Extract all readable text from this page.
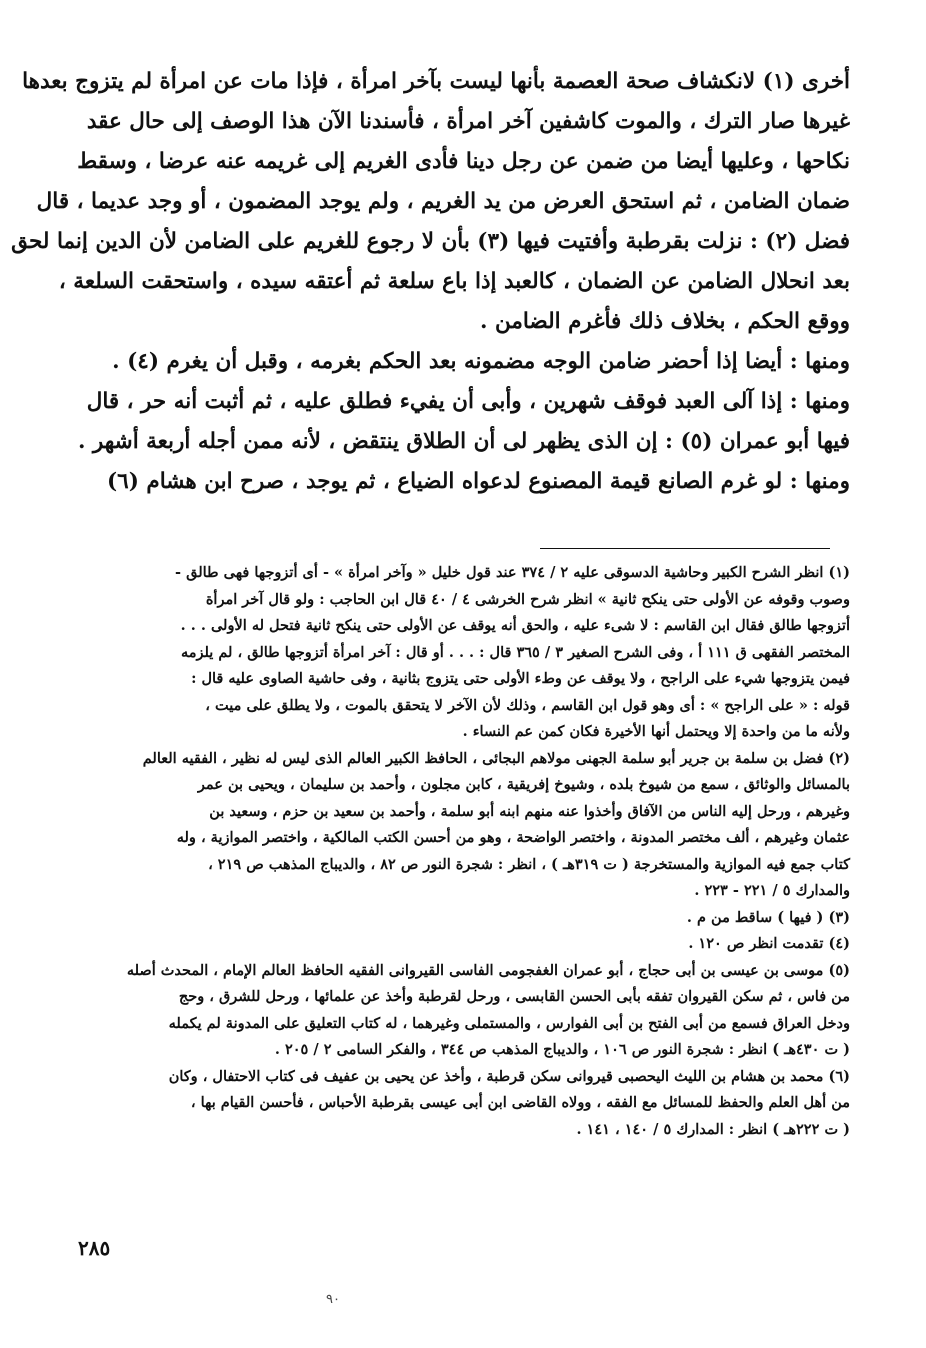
أخرى (١) لانكشاف صحة العصمة بأنها ليست بآخر امرأة ، فإذا مات عن امرأة لم يتزوج بعدها
غيرها صار الترك ، والموت كاشفين آخر امرأة ، فأسندنا الآن هذا الوصف إلى حال عقد
نكاحها ، وعليها أيضا من ضمن عن رجل دينا فأدى الغريم إلى غريمه عنه عرضا ، وسقط
ضمان الضامن ، ثم استحق العرض من يد الغريم ، ولم يوجد المضمون ، أو وجد عديما ، قال
فضل (٢) : نزلت بقرطبة وأفتيت فيها (٣) بأن لا رجوع للغريم على الضامن لأن الدين إنما لحق
بعد انحلال الضامن عن الضمان ، كالعبد إذا باع سلعة ثم أعتقه سيده ، واستحقت السلعة ،
ووقع الحكم ، بخلاف ذلك فأغرم الضامن .
ومنها : أيضا إذا أحضر ضامن الوجه مضمونه بعد الحكم بغرمه ، وقبل أن يغرم (٤) .
ومنها : إذا آلى العبد فوقف شهرين ، وأبى أن يفيء فطلق عليه ، ثم أثبت أنه حر ، قال
فيها أبو عمران (٥) : إن الذى يظهر لى أن الطلاق ينتقض ، لأنه ممن أجله أربعة أشهر .
ومنها : لو غرم الصانع قيمة المصنوع لدعواه الضياع ، ثم يوجد ، صرح ابن هشام (٦)
(١) انظر الشرح الكبير وحاشية الدسوقى عليه ٢ / ٣٧٤ عند قول خليل « وآخر امرأة » - أى أتزوجها فهى طالق -
وصوب وقوفه عن الأولى حتى ينكح ثانية » انظر شرح الخرشى ٤ / ٤٠ قال ابن الحاجب : ولو قال آخر امرأة
أتزوجها طالق فقال ابن القاسم : لا شىء عليه ، والحق أنه يوقف عن الأولى حتى ينكح ثانية فتحل له الأولى . . .
المختصر الفقهى ق ١١١ أ ، وفى الشرح الصغير ٣ / ٣٦٥ قال : . . . أو قال : آخر امرأة أتزوجها طالق ، لم يلزمه
فيمن يتزوجها شيء على الراجح ، ولا يوقف عن وطء الأولى حتى يتزوج بثانية ، وفى حاشية الصاوى عليه قال :
قوله : « على الراجح » : أى وهو قول ابن القاسم ، وذلك لأن الآخر لا يتحقق بالموت ، ولا يطلق على ميت ،
ولأنه ما من واحدة إلا ويحتمل أنها الأخيرة فكان كمن عم النساء .
(٢) فضل بن سلمة بن جرير أبو سلمة الجهنى مولاهم البجائى ، الحافظ الكبير العالم الذى ليس له نظير ، الفقيه العالم
بالمسائل والوثائق ، سمع من شيوخ بلده ، وشيوخ إفريقية ، كابن مجلون ، وأحمد بن سليمان ، ويحيى بن عمر
وغيرهم ، ورحل إليه الناس من الآفاق وأخذوا عنه منهم ابنه أبو سلمة ، وأحمد بن سعيد بن حزم ، وسعيد بن
عثمان وغيرهم ، ألف مختصر المدونة ، واختصر الواضحة ، وهو من أحسن الكتب المالكية ، واختصر الموازية ، وله
كتاب جمع فيه الموازية والمستخرجة ( ت ٣١٩هـ ) ، انظر : شجرة النور ص ٨٢ ، والديباج المذهب ص ٢١٩ ،
والمدارك ٥ / ٢٢١ - ٢٢٣ .
(٣) ( فيها ) ساقط من م .
(٤) تقدمت انظر ص ١٢٠ .
(٥) موسى بن عيسى بن أبى حجاج ، أبو عمران الغفجومى الفاسى القيروانى الفقيه الحافظ العالم الإمام ، المحدث أصله
من فاس ، ثم سكن القيروان تفقه بأبى الحسن القابسى ، ورحل لقرطبة وأخذ عن علمائها ، ورحل للشرق ، وحج
ودخل العراق فسمع من أبى الفتح بن أبى الفوارس ، والمستملى وغيرهما ، له كتاب التعليق على المدونة لم يكمله
( ت ٤٣٠هـ ) انظر : شجرة النور ص ١٠٦ ، والديباج المذهب ص ٣٤٤ ، والفكر السامى ٢ / ٢٠٥ .
(٦) محمد بن هشام بن الليث اليحصبى قيروانى سكن قرطبة ، وأخذ عن يحيى بن عفيف فى كتاب الاحتفال ، وكان
من أهل العلم والحفظ للمسائل مع الفقه ، وولاه القاضى ابن أبى عيسى بقرطبة الأحباس ، فأحسن القيام بها ،
( ت ٢٢٢هـ ) انظر : المدارك ٥ / ١٤٠ ، ١٤١ .
٢٨٥
٩٠
